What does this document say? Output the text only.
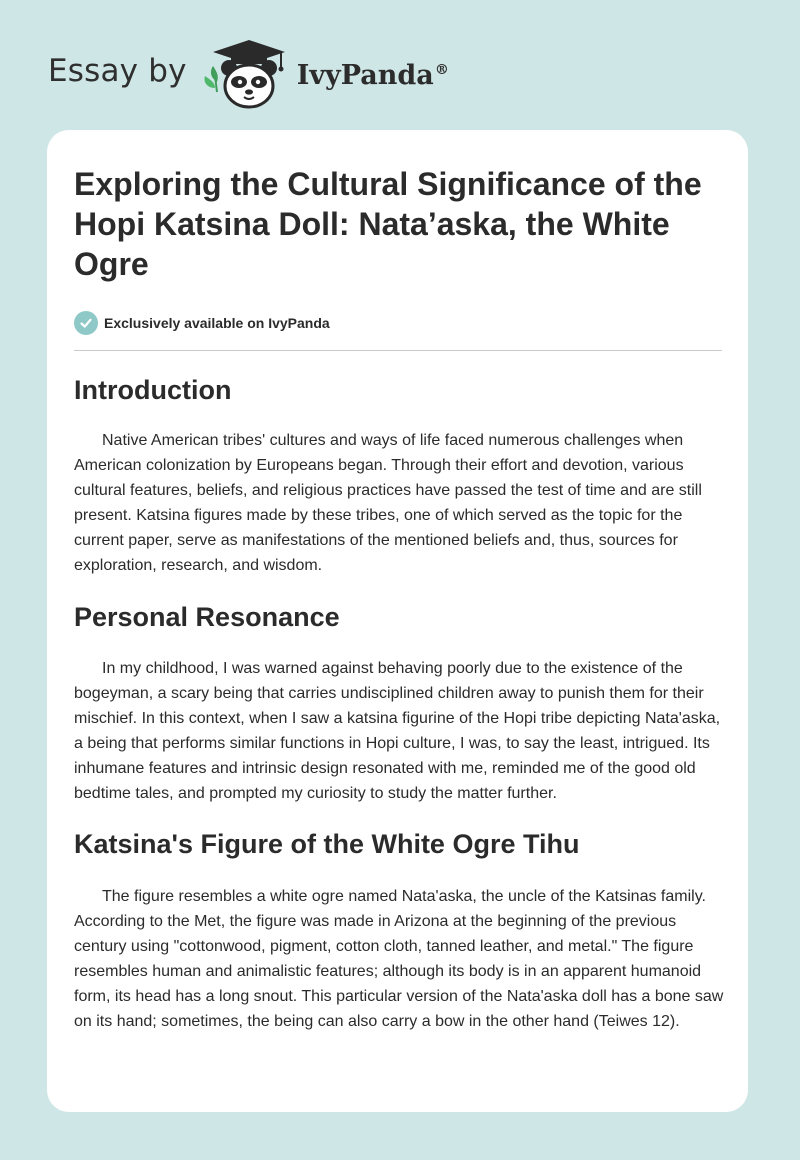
Essay by	IvyPanda®
Exploring the Cultural Significance of the Hopi Katsina Doll: Nata’aska, the White Ogre
Exclusively available on IvyPanda
Introduction

Native American tribes' cultures and ways of life faced numerous challenges when American colonization by Europeans began. Through their effort and devotion, various cultural features, beliefs, and religious practices have passed the test of time and are still present. Katsina figures made by these tribes, one of which served as the topic for the current paper, serve as manifestations of the mentioned beliefs and, thus, sources for exploration, research, and wisdom.

Personal Resonance

In my childhood, I was warned against behaving poorly due to the existence of the bogeyman, a scary being that carries undisciplined children away to punish them for their mischief. In this context, when I saw a katsina figurine of the Hopi tribe depicting Nata'aska, a being that performs similar functions in Hopi culture, I was, to say the least, intrigued. Its inhumane features and intrinsic design resonated with me, reminded me of the good old bedtime tales, and prompted my curiosity to study the matter further.

Katsina's Figure of the White Ogre Tihu

The figure resembles a white ogre named Nata'aska, the uncle of the Katsinas family. According to the Met, the figure was made in Arizona at the beginning of the previous century using "cottonwood, pigment, cotton cloth, tanned leather, and metal." The figure resembles human and animalistic features; although its body is in an apparent humanoid form, its head has a long snout. This particular version of the Nata'aska doll has a bone saw on its hand; sometimes, the being can also carry a bow in the other hand (Teiwes 12).
